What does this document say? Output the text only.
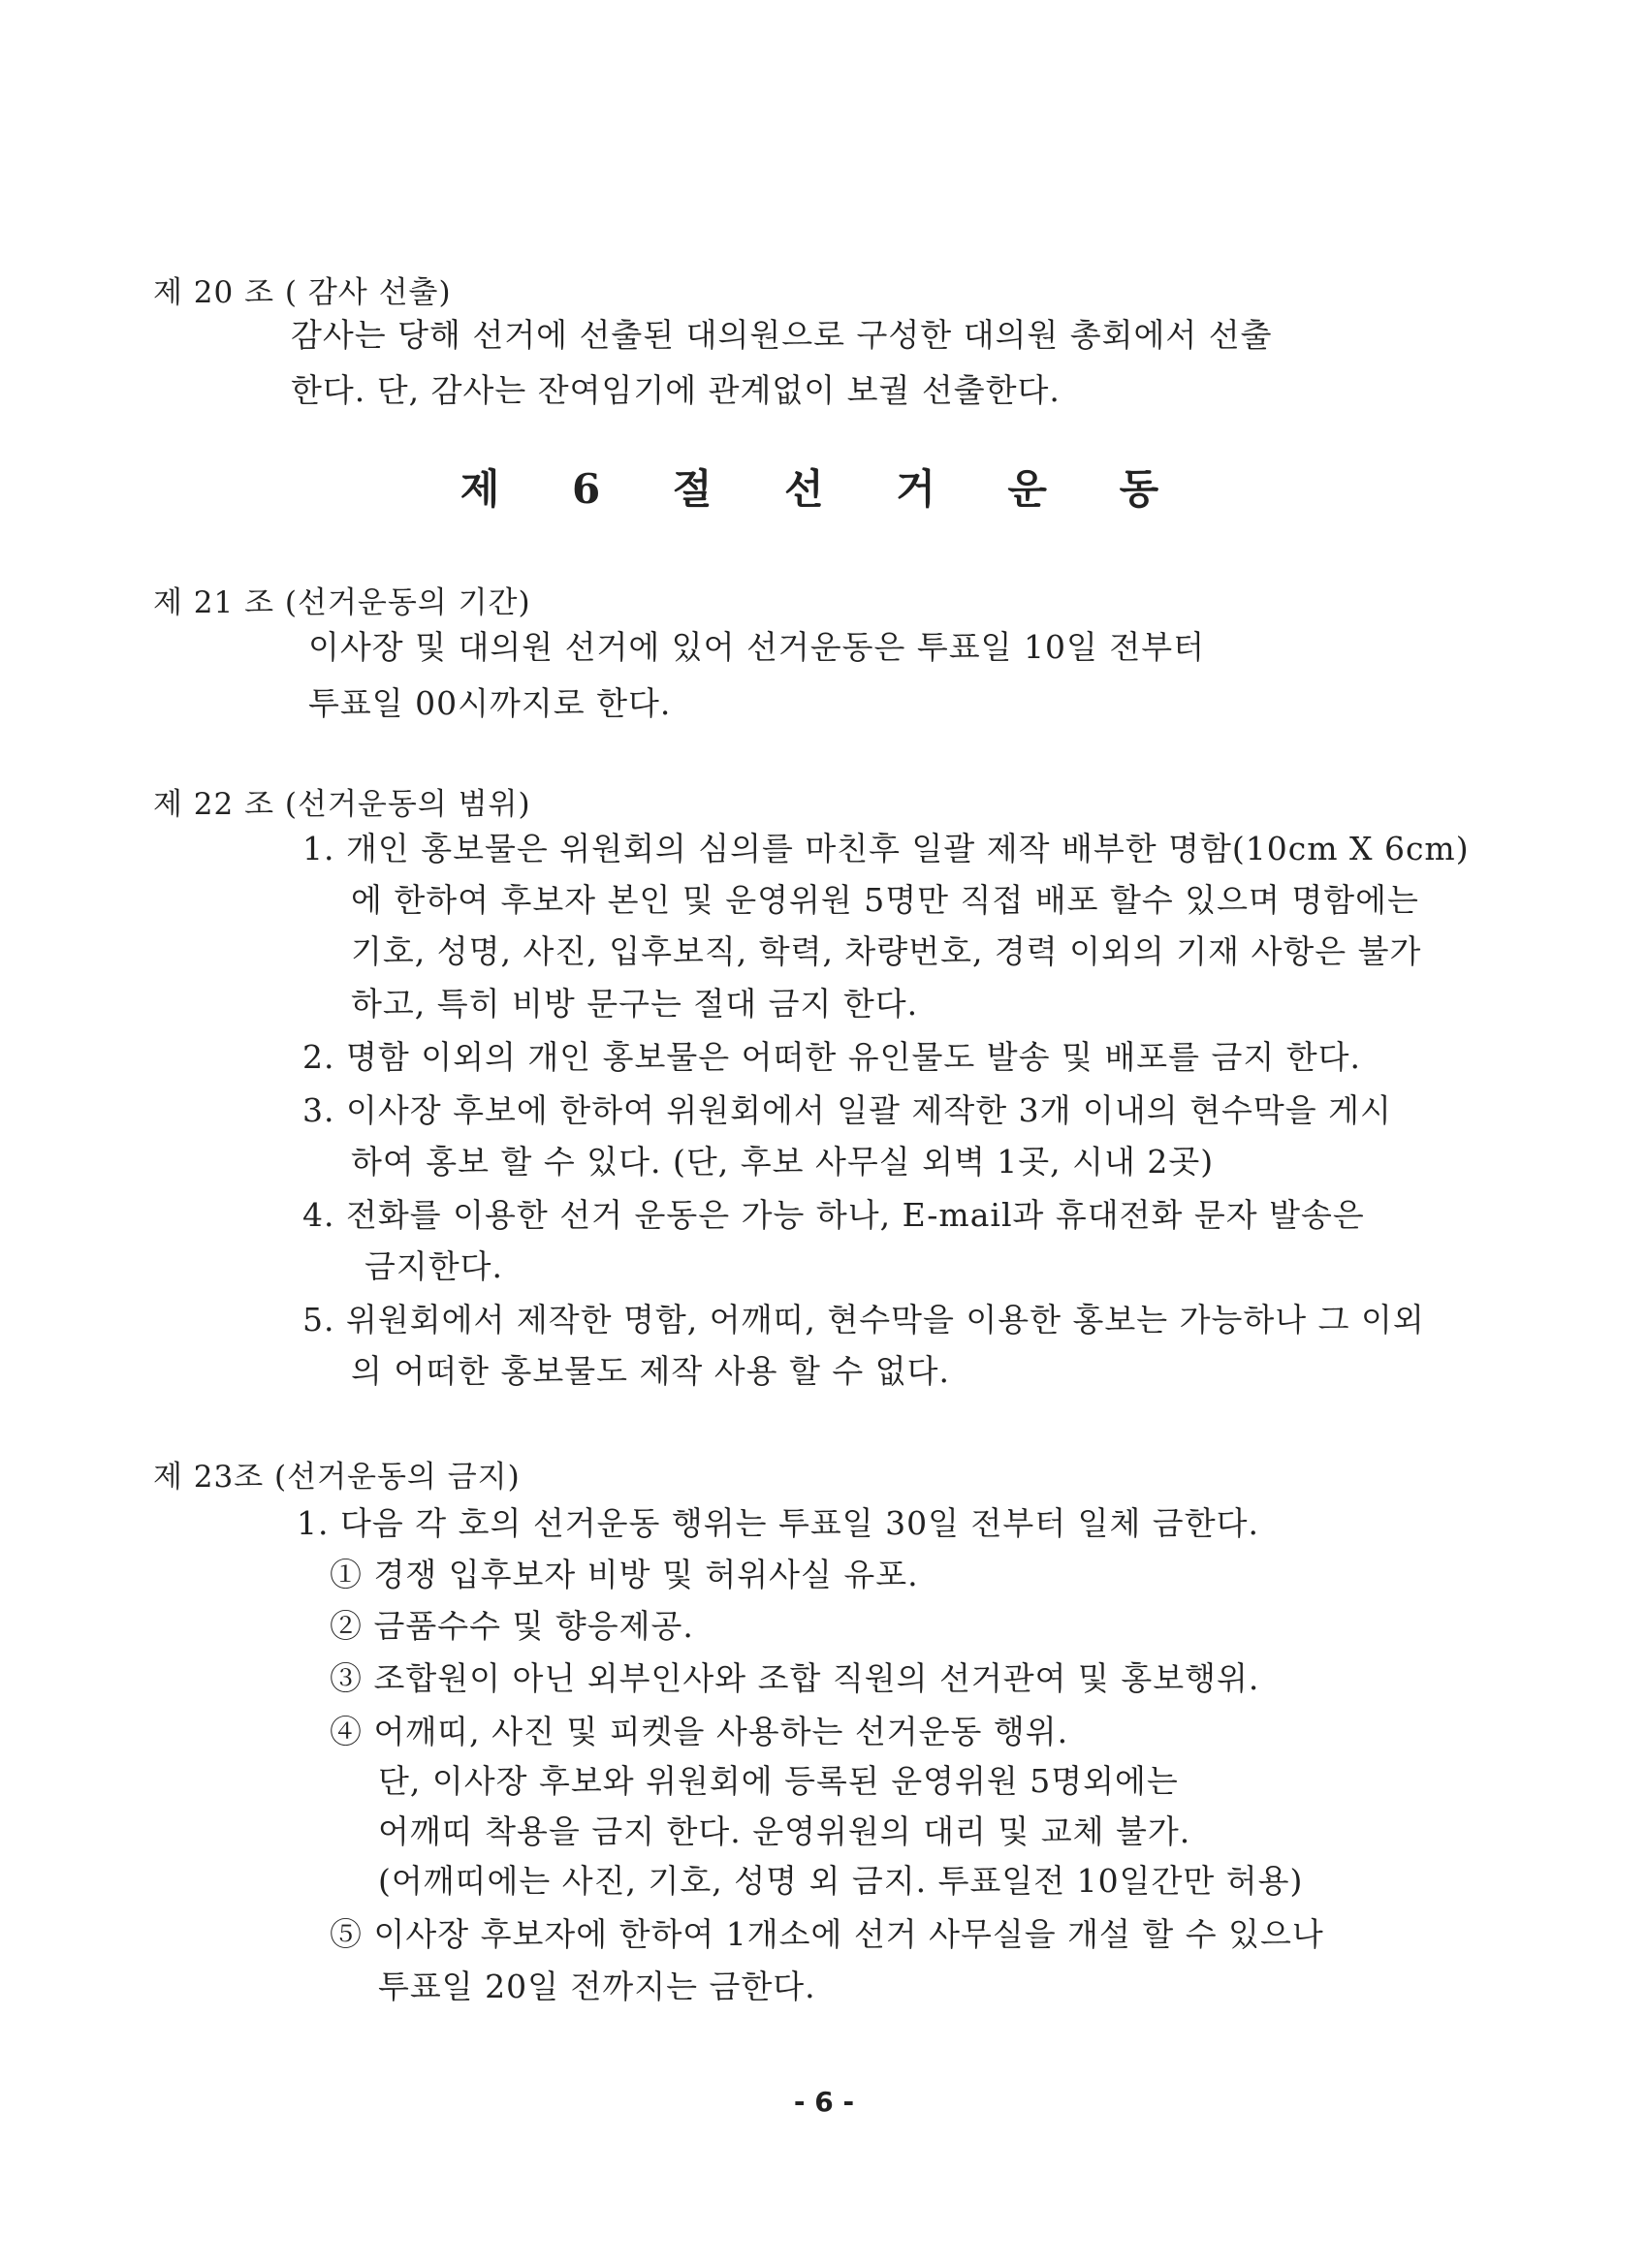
제 20 조 ( 감사 선출)
감사는 당해 선거에 선출된 대의원으로 구성한 대의원 총회에서 선출
한다. 단, 감사는 잔여임기에 관계없이 보궐 선출한다.
제 6 절 선 거 운 동
제 21 조 (선거운동의 기간)
이사장 및 대의원 선거에 있어 선거운동은 투표일 10일 전부터
투표일 00시까지로 한다.
제 22 조 (선거운동의 범위)
1. 개인 홍보물은 위원회의 심의를 마친후 일괄 제작 배부한 명함(10cm X 6cm)
에 한하여 후보자 본인 및 운영위원 5명만 직접 배포 할수 있으며 명함에는
기호, 성명, 사진, 입후보직, 학력, 차량번호, 경력 이외의 기재 사항은 불가
하고, 특히 비방 문구는 절대 금지 한다.
2. 명함 이외의 개인 홍보물은 어떠한 유인물도 발송 및 배포를 금지 한다.
3. 이사장 후보에 한하여 위원회에서 일괄 제작한 3개 이내의 현수막을 게시
하여 홍보 할 수 있다. (단, 후보 사무실 외벽 1곳, 시내 2곳)
4. 전화를 이용한 선거 운동은 가능 하나, E-mail과 휴대전화 문자 발송은
금지한다.
5. 위원회에서 제작한 명함, 어깨띠, 현수막을 이용한 홍보는 가능하나 그 이외
의 어떠한 홍보물도 제작 사용 할 수 없다.
제 23조 (선거운동의 금지)
1. 다음 각 호의 선거운동 행위는 투표일 30일 전부터 일체 금한다.
① 경쟁 입후보자 비방 및 허위사실 유포.
② 금품수수 및 향응제공.
③ 조합원이 아닌 외부인사와 조합 직원의 선거관여 및 홍보행위.
④ 어깨띠, 사진 및 피켓을 사용하는 선거운동 행위.
단, 이사장 후보와 위원회에 등록된 운영위원 5명외에는
어깨띠 착용을 금지 한다. 운영위원의 대리 및 교체 불가.
(어깨띠에는 사진, 기호, 성명 외 금지. 투표일전 10일간만 허용)
⑤ 이사장 후보자에 한하여 1개소에 선거 사무실을 개설 할 수 있으나
투표일 20일 전까지는 금한다.
- 6 -
